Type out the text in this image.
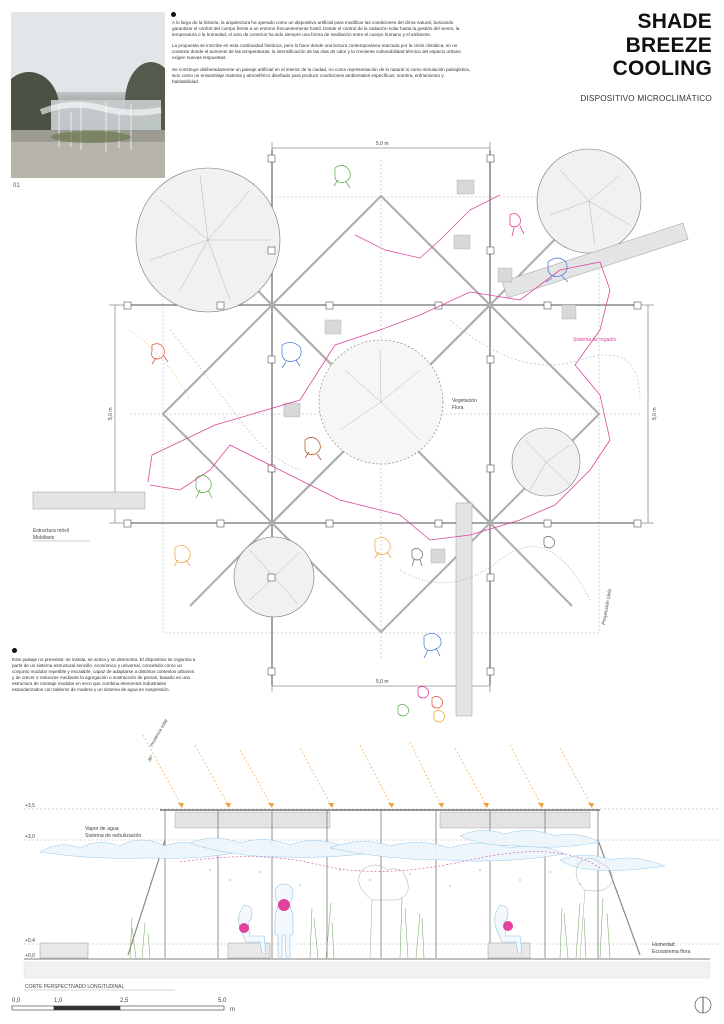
01

A lo largo de la historia, la arquitectura ha operado como un dispositivo artificial para modificar las condiciones del clima natural, buscando garantizar el confort del cuerpo frente a un entorno frecuentemente hostil. Desde el control de la radiación solar hasta la gestión del viento, la temperatura o la humedad, el acto de construir ha sido siempre una forma de mediación entre el cuerpo humano y el ambiente.

La propuesta se inscribe en esta continuidad histórica, pero lo hace desde una lectura contemporánea marcada por la crisis climática, en un contexto donde el aumento de las temperaturas, la intensificación de las olas de calor y la creciente vulnerabilidad térmica del espacio urbano exigen nuevas respuestas.

Se construye deliberadamente un paisaje artificial en el interior de la ciudad, no como representación de lo natural ni como simulación paisajística, sino como un ensamblaje material y atmosférico diseñado para producir condiciones ambientales específicas: sombra, enfriamiento y habitabilidad.

SHADE
BREEZE
COOLING
DISPOSITIVO MICROCLIMÁTICO
5,0 m
5,0 m
5,0 m	5,0 m
Sistema de regadío
Vegetación
Flora
Estructura móvil
Mobiliario
Proyección cielo
Este paisaje no preexiste: se instala, se activa y se desmonta. El dispositivo se organiza a partir de un sistema estructural sencillo, económico y universal, concebido como un conjunto modular repetible y escalable, capaz de adaptarse a distintos contextos urbanos y de crecer o reducirse mediante la agregación o sustracción de piezas, basado en una estructura de montaje modular en seco que combina elementos industriales estandarizados con tableros de madera y un sistema de agua en suspensión.
Incidencia solar
30°
+3,5
+3,0
+0,4
+0,0
Vapor de agua
Sistema de nebulización
Humedad
Ecosistema flora
CORTE PERSPECTIVADO LONGITUDINAL
0,0	1,0	2,5	5,0
m
